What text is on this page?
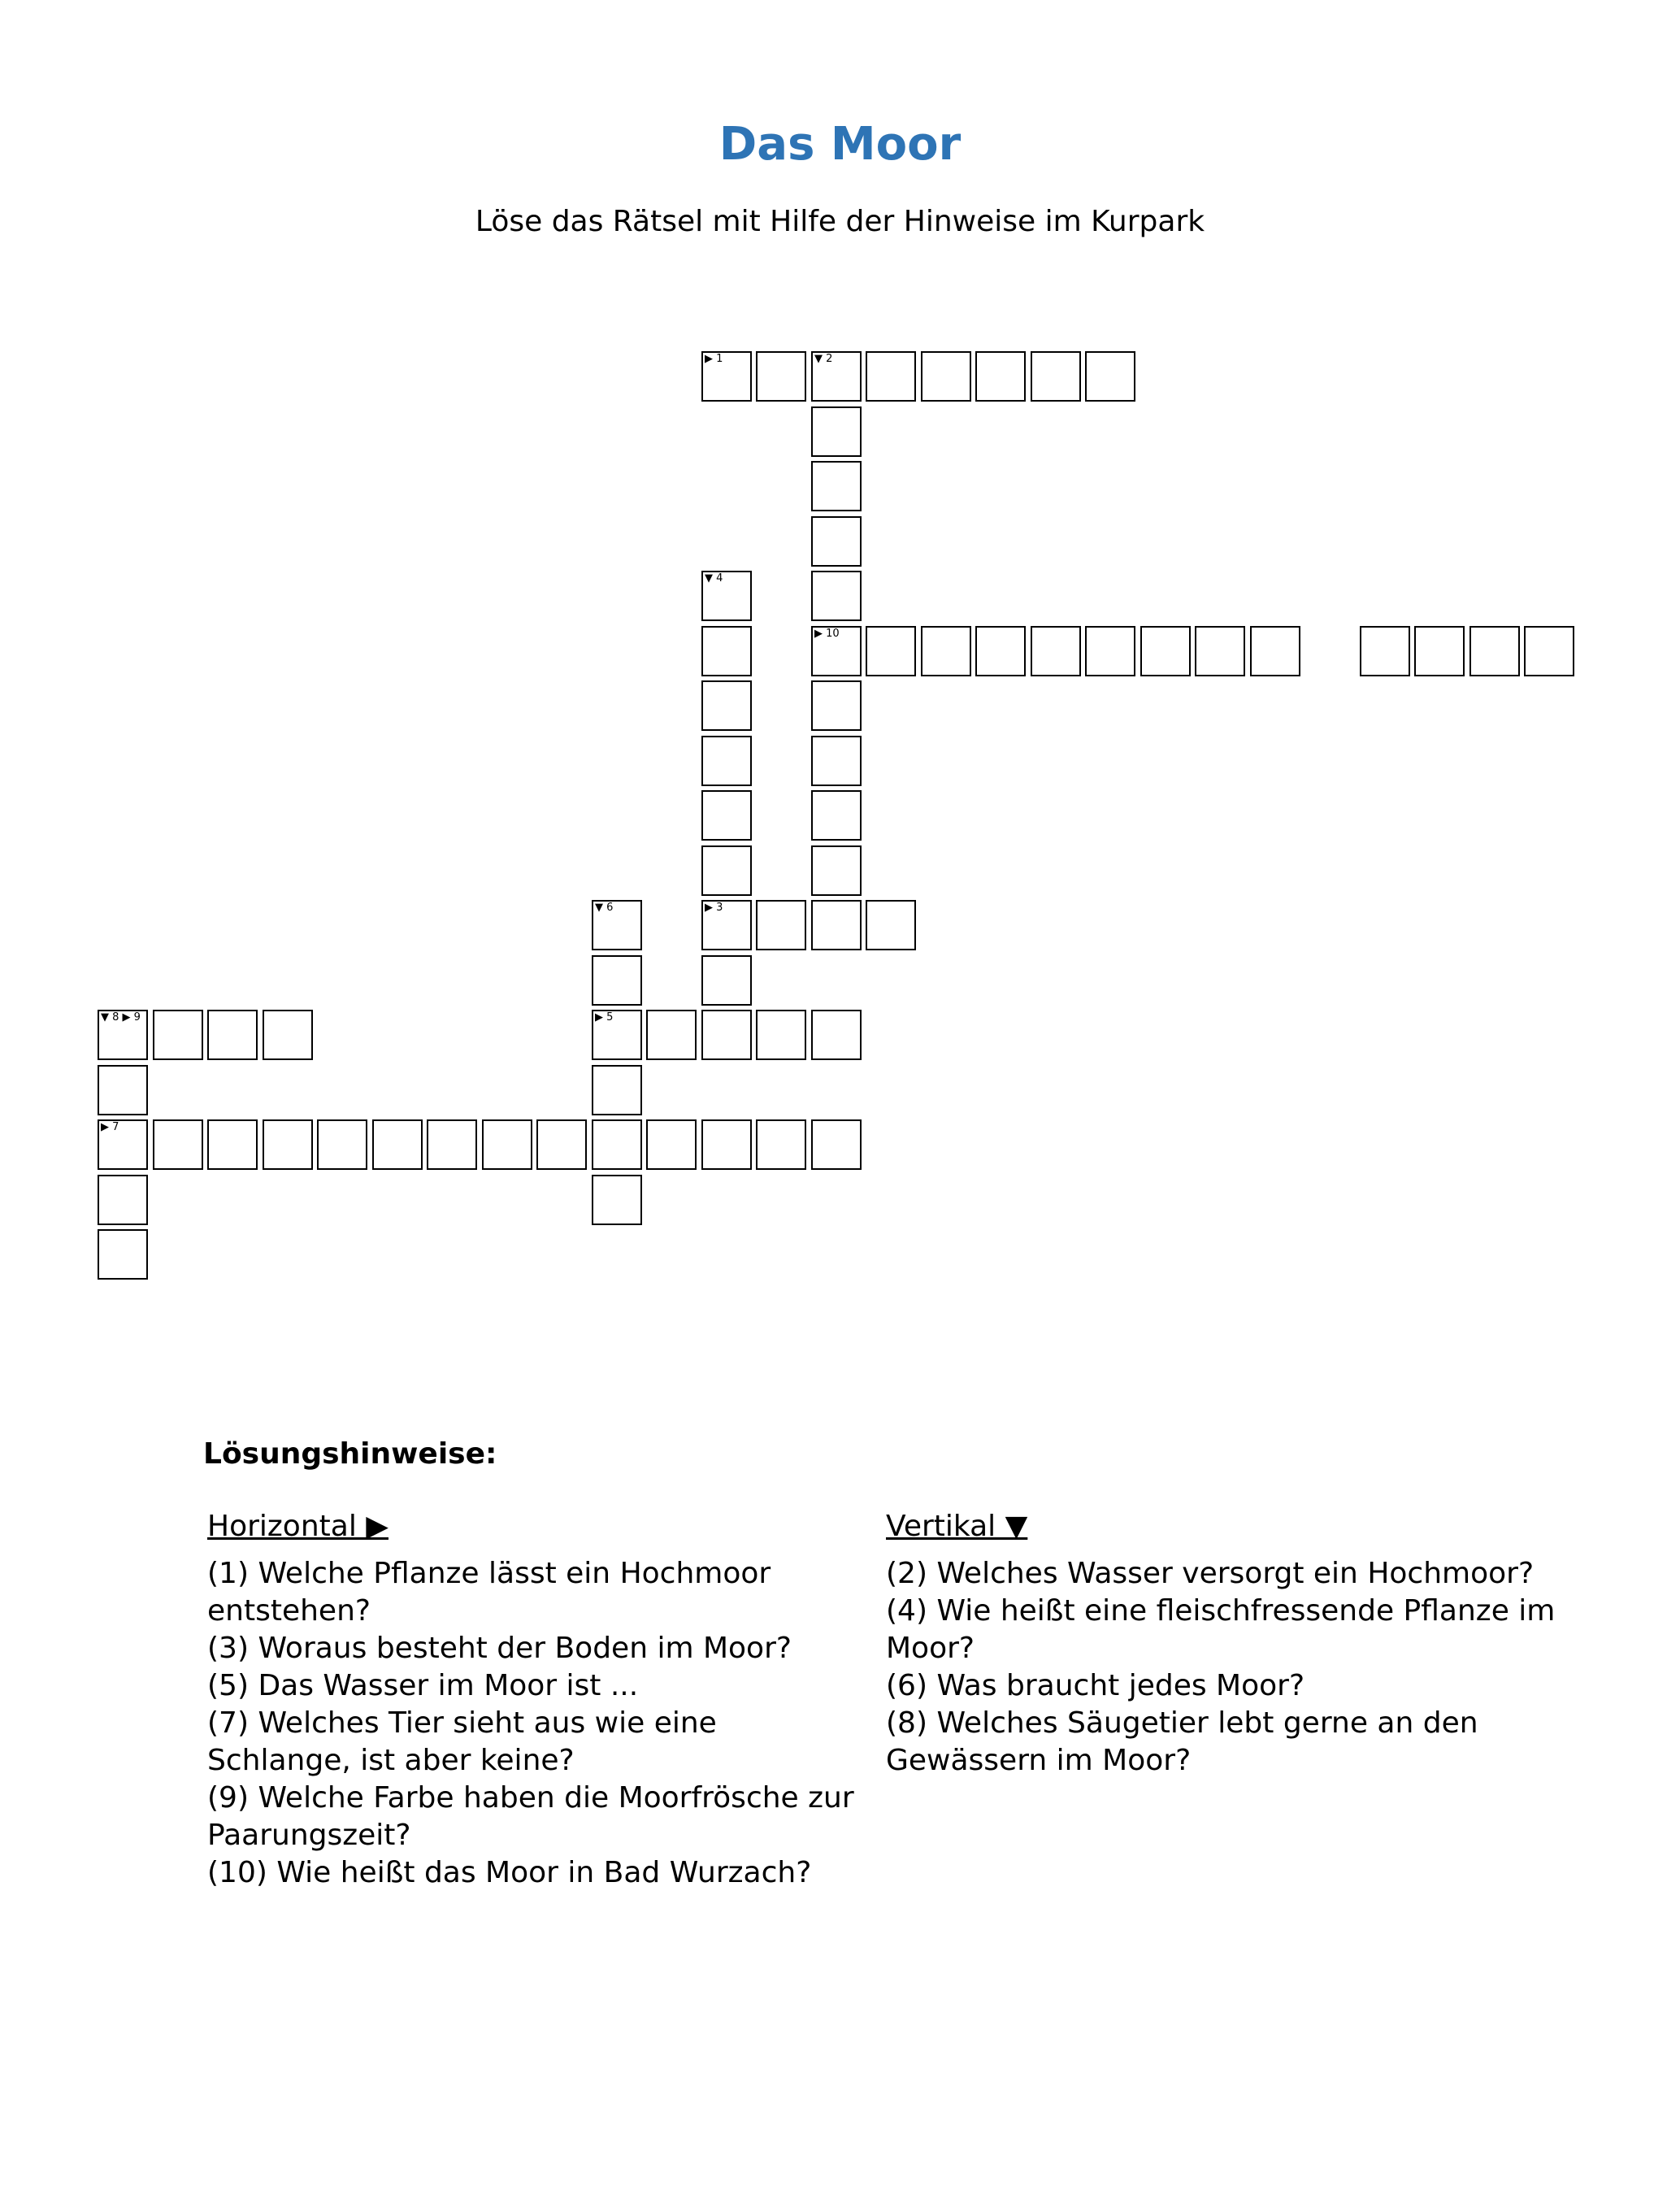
Das Moor
Löse das Rätsel mit Hilfe der Hinweise im Kurpark
▶ 1	▼ 2
▶ 10
▼ 4
▶ 3
▼ 6
▶ 5
▼ 8 ▶ 9
▶ 7
Lösungshinweise:
Horizontal ▶

(1) Welche Pflanze lässt ein Hochmoor entstehen?

(3) Woraus besteht der Boden im Moor?

(5) Das Wasser im Moor ist ...

(7) Welches Tier sieht aus wie eine Schlange, ist aber keine?

(9) Welche Farbe haben die Moorfrösche zur Paarungszeit?

(10) Wie heißt das Moor in Bad Wurzach?

Vertikal ▼

(2) Welches Wasser versorgt ein Hochmoor?

(4) Wie heißt eine fleischfressende Pflanze im Moor?

(6) Was braucht jedes Moor?

(8) Welches Säugetier lebt gerne an den Gewässern im Moor?
